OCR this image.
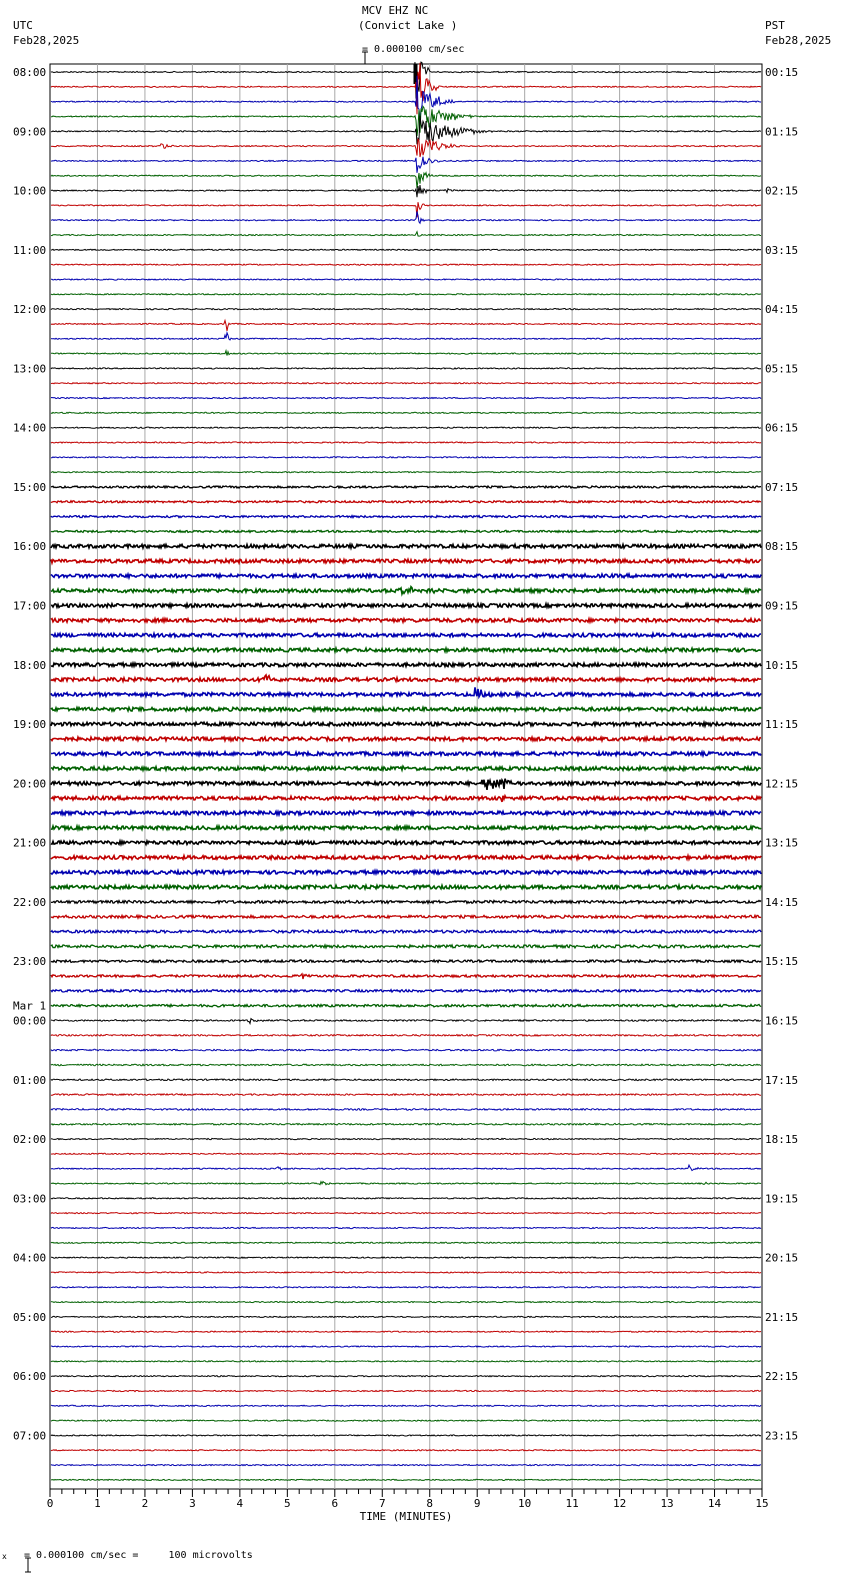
MCV EHZ NC
(Convict Lake )
UTC
Feb28,2025
PST
Feb28,2025

= 0.000100 cm/sec
08:00
09:00
10:00
11:00
12:00
13:00
14:00
15:00
16:00
17:00
18:00
19:00
20:00
21:00
22:00
23:00
00:00
01:00
02:00
03:00
04:00
05:00
06:00
07:00
00:15
01:15
02:15
03:15
04:15
05:15
06:15
07:15
08:15
09:15
10:15
11:15
12:15
13:15
14:15
15:15
16:15
17:15
18:15
19:15
20:15
21:15
22:15
23:15
Mar 1
0	1	2	3	4	5	6	7	8	9	10	11	12	13	14	15
TIME (MINUTES)
x

= 0.000100 cm/sec =     100 microvolts
